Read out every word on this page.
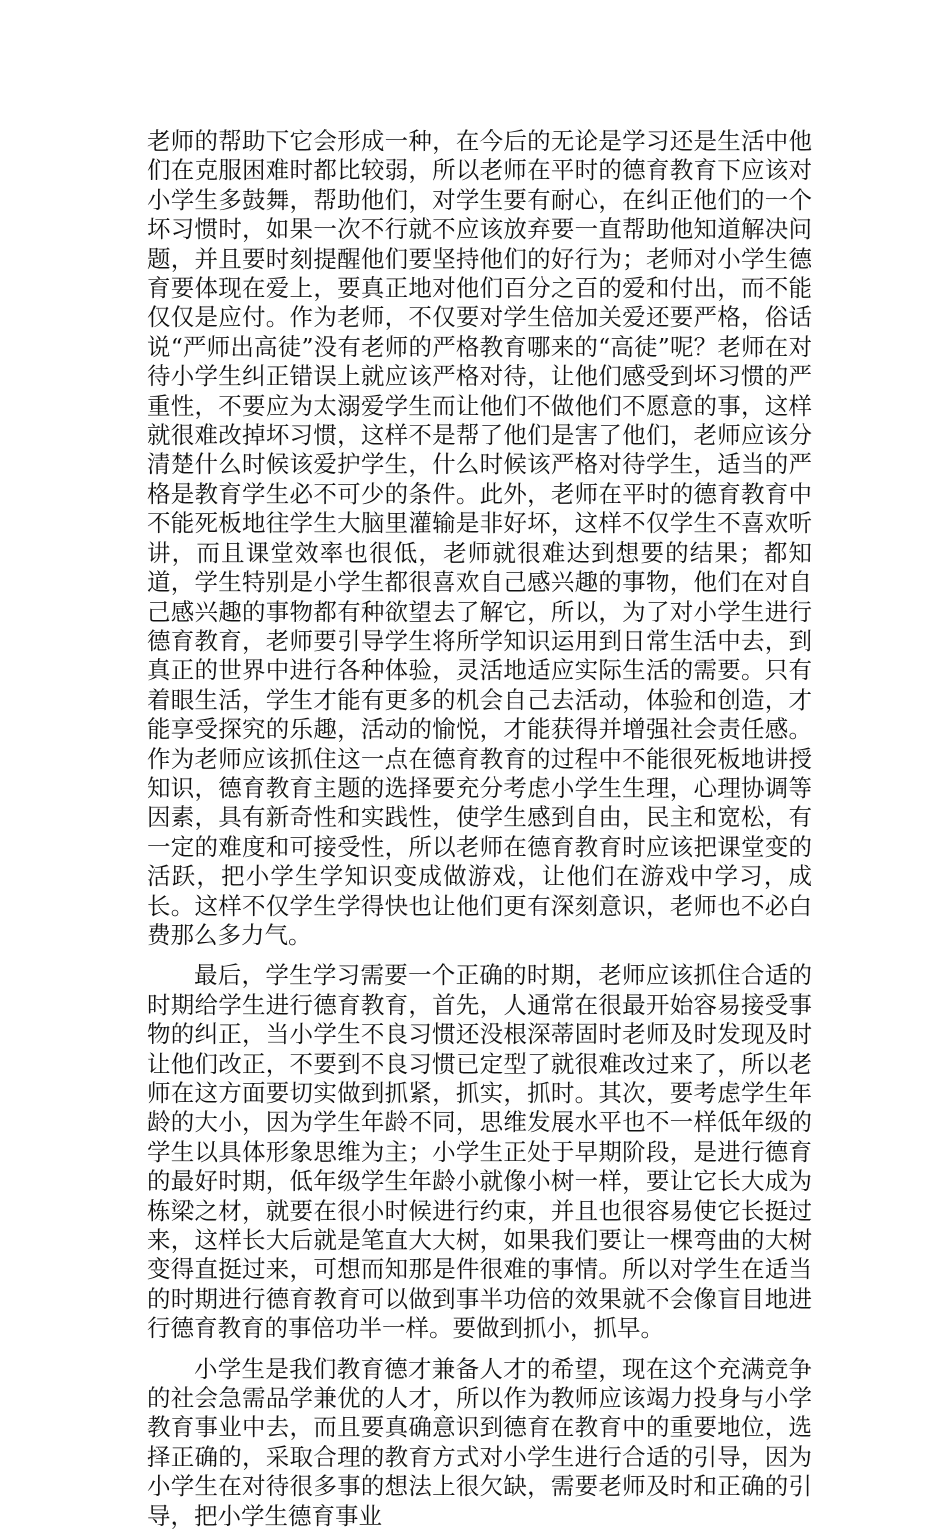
老师的帮助下它会形成一种，在今后的无论是学习还是生活中他们在克服困难时都比较弱，所以老师在平时的德育教育下应该对小学生多鼓舞，帮助他们，对学生要有耐心，在纠正他们的一个坏习惯时，如果一次不行就不应该放弃要一直帮助他知道解决问题，并且要时刻提醒他们要坚持他们的好行为；老师对小学生德育要体现在爱上，要真正地对他们百分之百的爱和付出，而不能仅仅是应付。作为老师，不仅要对学生倍加关爱还要严格，俗话说“严师出高徒”没有老师的严格教育哪来的“高徒”呢？老师在对待小学生纠正错误上就应该严格对待，让他们感受到坏习惯的严重性，不要应为太溺爱学生而让他们不做他们不愿意的事，这样就很难改掉坏习惯，这样不是帮了他们是害了他们，老师应该分清楚什么时候该爱护学生，什么时候该严格对待学生，适当的严格是教育学生必不可少的条件。此外，老师在平时的德育教育中不能死板地往学生大脑里灌输是非好坏，这样不仅学生不喜欢听讲，而且课堂效率也很低，老师就很难达到想要的结果；都知道，学生特别是小学生都很喜欢自己感兴趣的事物，他们在对自己感兴趣的事物都有种欲望去了解它，所以，为了对小学生进行德育教育，老师要引导学生将所学知识运用到日常生活中去，到真正的世界中进行各种体验，灵活地适应实际生活的需要。只有着眼生活，学生才能有更多的机会自己去活动，体验和创造，才能享受探究的乐趣，活动的愉悦，才能获得并增强社会责任感。作为老师应该抓住这一点在德育教育的过程中不能很死板地讲授知识，德育教育主题的选择要充分考虑小学生生理，心理协调等因素，具有新奇性和实践性，使学生感到自由，民主和宽松，有一定的难度和可接受性，所以老师在德育教育时应该把课堂变的活跃，把小学生学知识变成做游戏，让他们在游戏中学习，成长。这样不仅学生学得快也让他们更有深刻意识，老师也不必白费那么多力气。

最后，学生学习需要一个正确的时期，老师应该抓住合适的时期给学生进行德育教育，首先，人通常在很最开始容易接受事物的纠正，当小学生不良习惯还没根深蒂固时老师及时发现及时让他们改正，不要到不良习惯已定型了就很难改过来了，所以老师在这方面要切实做到抓紧，抓实，抓时。其次，要考虑学生年龄的大小，因为学生年龄不同，思维发展水平也不一样低年级的学生以具体形象思维为主；小学生正处于早期阶段，是进行德育的最好时期，低年级学生年龄小就像小树一样，要让它长大成为栋梁之材，就要在很小时候进行约束，并且也很容易使它长挺过来，这样长大后就是笔直大大树，如果我们要让一棵弯曲的大树变得直挺过来，可想而知那是件很难的事情。所以对学生在适当的时期进行德育教育可以做到事半功倍的效果就不会像盲目地进行德育教育的事倍功半一样。要做到抓小，抓早。

小学生是我们教育德才兼备人才的希望，现在这个充满竞争的社会急需品学兼优的人才，所以作为教师应该竭力投身与小学教育事业中去，而且要真确意识到德育在教育中的重要地位，选择正确的，采取合理的教育方式对小学生进行合适的引导，因为小学生在对待很多事的想法上很欠缺，需要老师及时和正确的引导，把小学生德育事业
